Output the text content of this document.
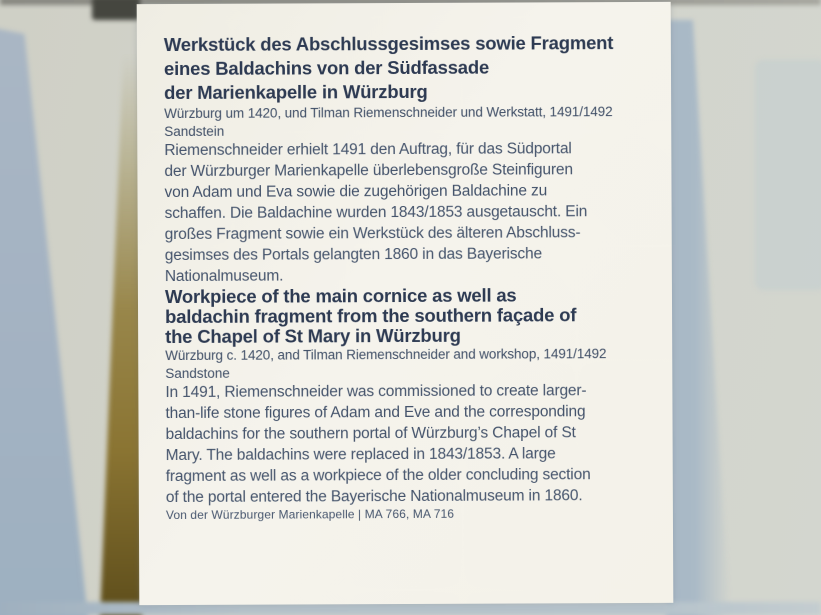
Werkstück des Abschlussgesimses sowie Fragment
eines Baldachins von der Südfassade
der Marienkapelle in Würzburg

Würzburg um 1420, und Tilman Riemenschneider und Werkstatt, 1491/1492

Sandstein

Riemenschneider erhielt 1491 den Auftrag, für das Südportal
der Würzburger Marienkapelle überlebensgroße Steinfiguren
von Adam und Eva sowie die zugehörigen Baldachine zu
schaffen. Die Baldachine wurden 1843/1853 ausgetauscht. Ein
großes Fragment sowie ein Werkstück des älteren Abschluss-
gesimses des Portals gelangten 1860 in das Bayerische
Nationalmuseum.

Workpiece of the main cornice as well as
baldachin fragment from the southern façade of
the Chapel of St Mary in Würzburg

Würzburg c. 1420, and Tilman Riemenschneider and workshop, 1491/1492

Sandstone

In 1491, Riemenschneider was commissioned to create larger-
than-life stone figures of Adam and Eve and the corresponding
baldachins for the southern portal of Würzburg’s Chapel of St
Mary. The baldachins were replaced in 1843/1853. A large
fragment as well as a workpiece of the older concluding section
of the portal entered the Bayerische Nationalmuseum in 1860.

Von der Würzburger Marienkapelle | MA 766, MA 716
